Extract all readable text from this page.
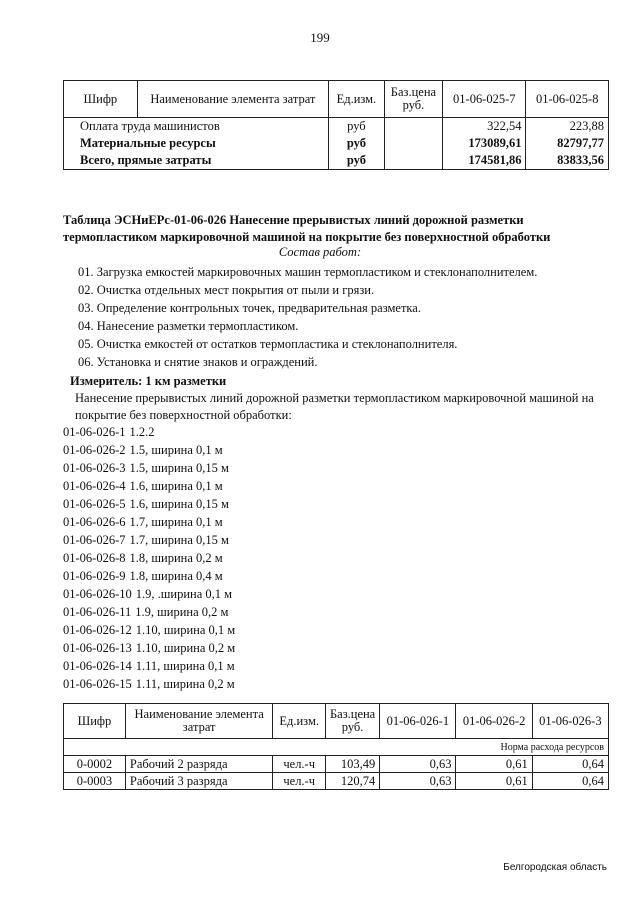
199
Шифр	Наименование элемента затрат	Ед.изм.	Баз.цена руб.	01-06-025-7	01-06-025-8
Оплата труда машинистов		руб		322,54	223,88
Материальные ресурсы		руб		173089,61	82797,77
Всего, прямые затраты		руб		174581,86	83833,56
Таблица ЭСНиЕРс-01-06-026 Нанесение прерывистых линий дорожной разметки термопластиком маркировочной машиной на покрытие без поверхностной обработки
Состав работ:
01. Загрузка емкостей маркировочных машин термопластиком и стеклонаполнителем.
02. Очистка отдельных мест покрытия от пыли и грязи.
03. Определение контрольных точек, предварительная разметка.
04. Нанесение разметки термопластиком.
05. Очистка емкостей от остатков термопластика и стеклонаполнителя.
06. Установка и снятие знаков и ограждений.
Измеритель: 1 км разметки
Нанесение прерывистых линий дорожной разметки термопластиком маркировочной машиной на покрытие без поверхностной обработки:
01-06-026-1 1.2.2
01-06-026-2 1.5, ширина 0,1 м
01-06-026-3 1.5, ширина 0,15 м
01-06-026-4 1.6, ширина 0,1 м
01-06-026-5 1.6, ширина 0,15 м
01-06-026-6 1.7, ширина 0,1 м
01-06-026-7 1.7, ширина 0,15 м
01-06-026-8 1.8, ширина 0,2 м
01-06-026-9 1.8, ширина 0,4 м
01-06-026-10 1.9, .ширина 0,1 м
01-06-026-11 1.9, ширина 0,2 м
01-06-026-12 1.10, ширина 0,1 м
01-06-026-13 1.10, ширина 0,2 м
01-06-026-14 1.11, ширина 0,1 м
01-06-026-15 1.11, ширина 0,2 м
Шифр	Наименование элемента затрат	Ед.изм.	Баз.цена руб.	01-06-026-1	01-06-026-2	01-06-026-3
				Норма расхода ресурсов		
0-0002	Рабочий 2 разряда	чел.-ч	103,49	0,63	0,61	0,64
0-0003	Рабочий 3 разряда	чел.-ч	120,74	0,63	0,61	0,64
Белгородская область
